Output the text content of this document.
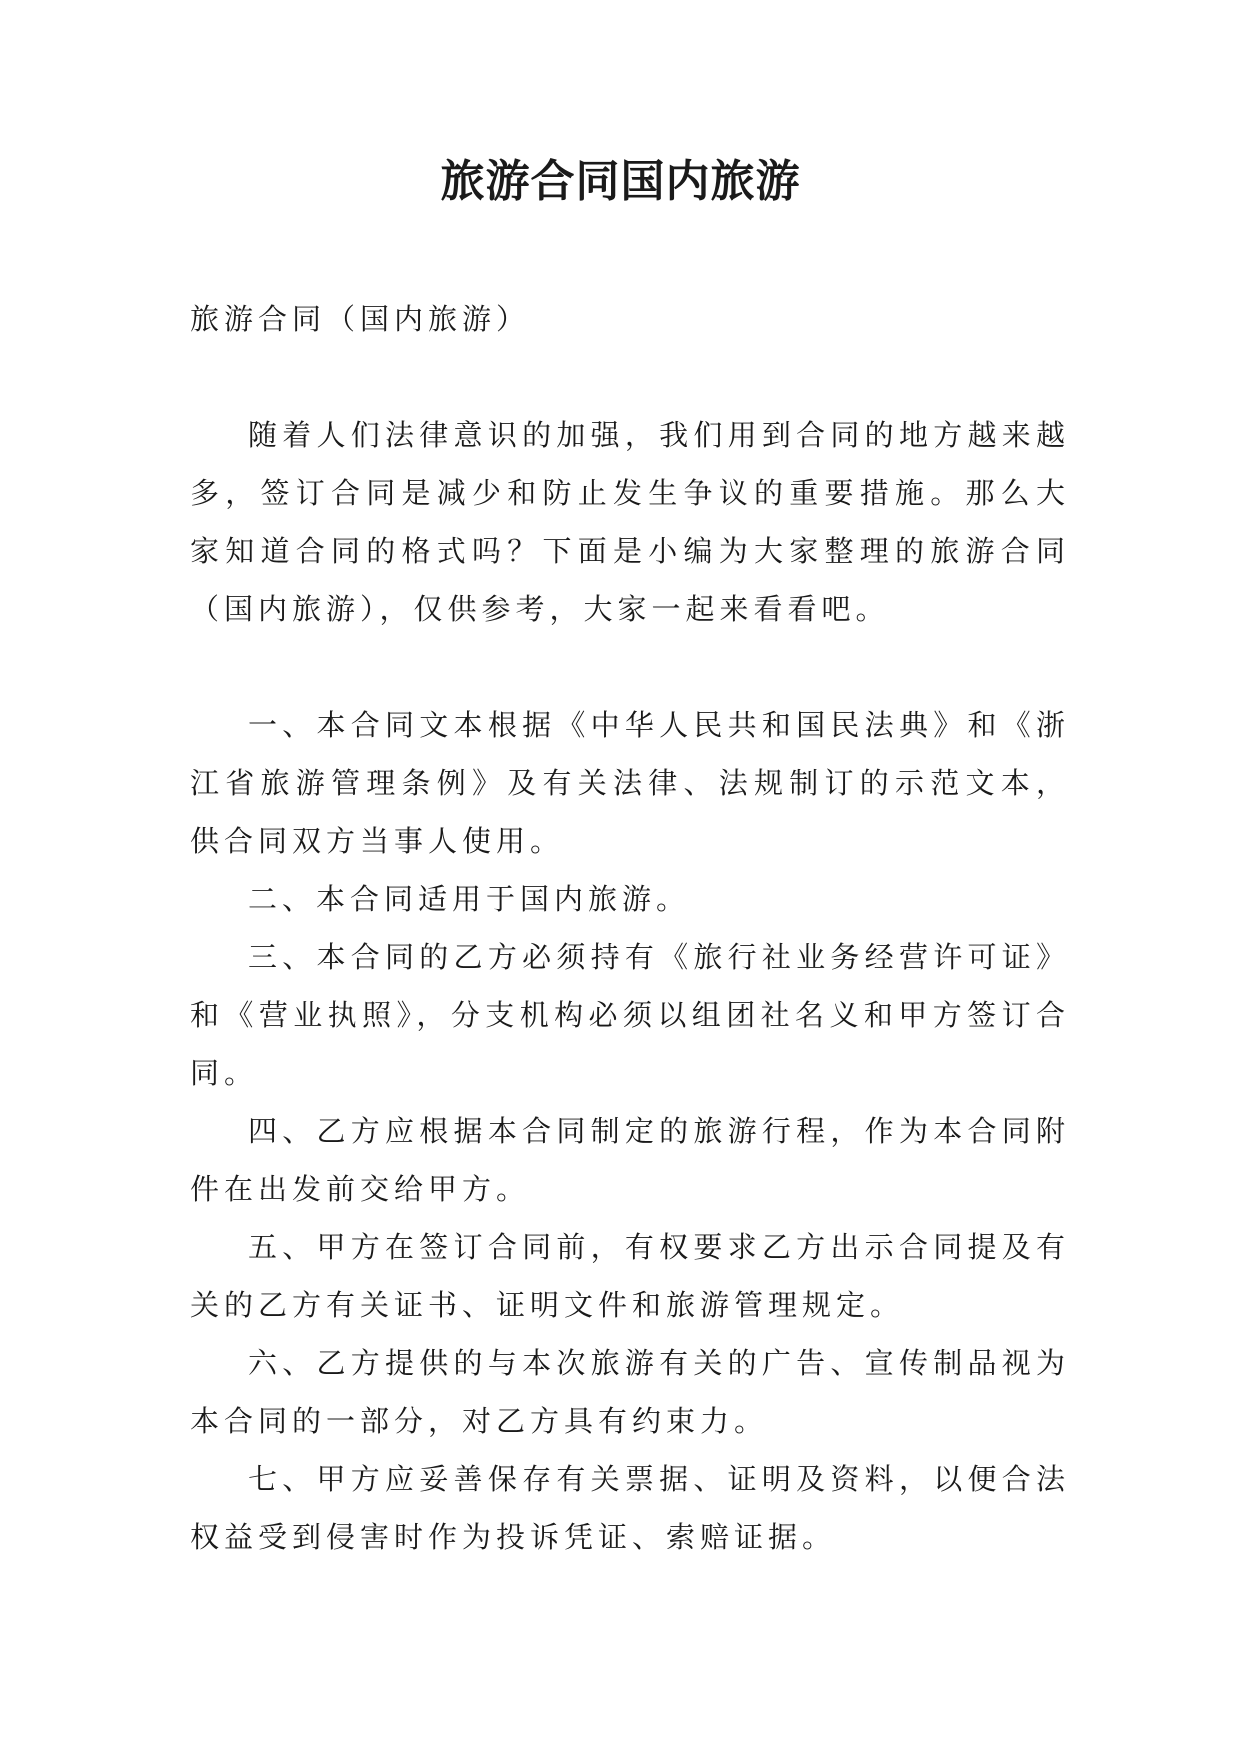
旅游合同国内旅游

旅游合同（国内旅游）

随着人们法律意识的加强，我们用到合同的地方越来越多，签订合同是减少和防止发生争议的重要措施。那么大家知道合同的格式吗？下面是小编为大家整理的旅游合同（国内旅游），仅供参考，大家一起来看看吧。

一、本合同文本根据《中华人民共和国民法典》和《浙江省旅游管理条例》及有关法律、法规制订的示范文本，供合同双方当事人使用。

二、本合同适用于国内旅游。

三、本合同的乙方必须持有《旅行社业务经营许可证》和《营业执照》，分支机构必须以组团社名义和甲方签订合同。

四、乙方应根据本合同制定的旅游行程，作为本合同附件在出发前交给甲方。

五、甲方在签订合同前，有权要求乙方出示合同提及有关的乙方有关证书、证明文件和旅游管理规定。

六、乙方提供的与本次旅游有关的广告、宣传制品视为本合同的一部分，对乙方具有约束力。

七、甲方应妥善保存有关票据、证明及资料，以便合法权益受到侵害时作为投诉凭证、索赔证据。
